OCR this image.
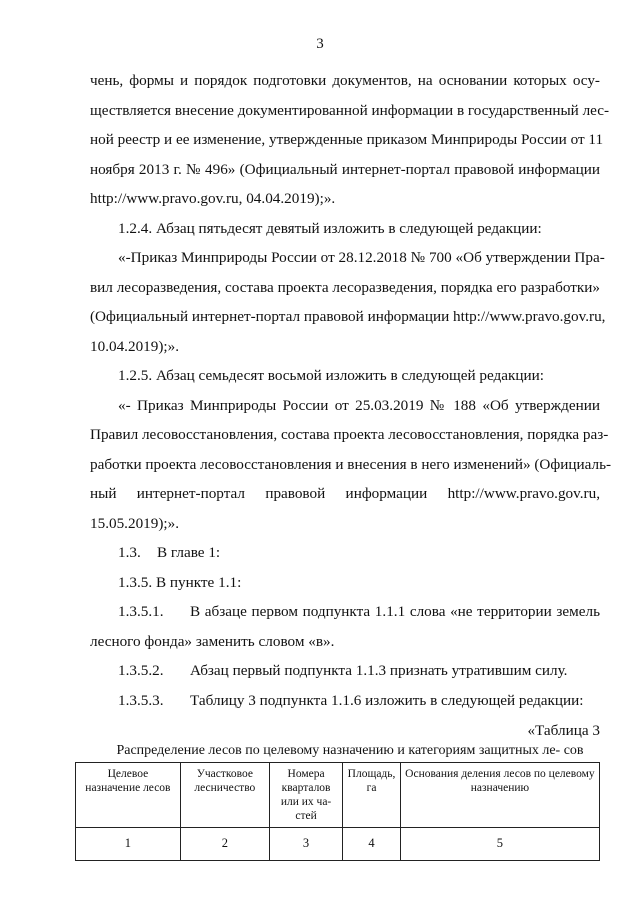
3
чень, формы и порядок подготовки документов, на основании которых осу-
ществляется внесение документированной информации в государственный лес-
ной реестр и ее изменение, утвержденные приказом Минприроды России от 11
ноября 2013 г. № 496» (Официальный интернет-портал правовой информации
http://www.pravo.gov.ru, 04.04.2019);».
1.2.4. Абзац пятьдесят девятый изложить в следующей редакции:
«-Приказ Минприроды России от 28.12.2018 № 700 «Об утверждении Пра-
вил лесоразведения, состава проекта лесоразведения, порядка его разработки»
(Официальный интернет-портал правовой информации http://www.pravo.gov.ru,
10.04.2019);».
1.2.5. Абзац семьдесят восьмой изложить в следующей редакции:
«- Приказ Минприроды России от 25.03.2019 № 188 «Об утверждении
Правил лесовосстановления, состава проекта лесовосстановления, порядка раз-
работки проекта лесовосстановления и внесения в него изменений» (Официаль-
ный интернет-портал правовой информации http://www.pravo.gov.ru,
15.05.2019);».
1.3. В главе 1:
1.3.5. В пункте 1.1:
1.3.5.1. В абзаце первом подпункта 1.1.1 слова «не территории земель
лесного фонда» заменить словом «в».
1.3.5.2. Абзац первый подпункта 1.1.3 признать утратившим силу.
1.3.5.3. Таблицу 3 подпункта 1.1.6 изложить в следующей редакции:
«Таблица 3
Целевое назначение лесов	Участковое лесничество	Номера кварталов или их ча-стей	Площадь, га	Основания деления лесов по целевому назначению
1	2	3	4	5
Распределение лесов по целевому назначению и категориям защитных ле- сов
